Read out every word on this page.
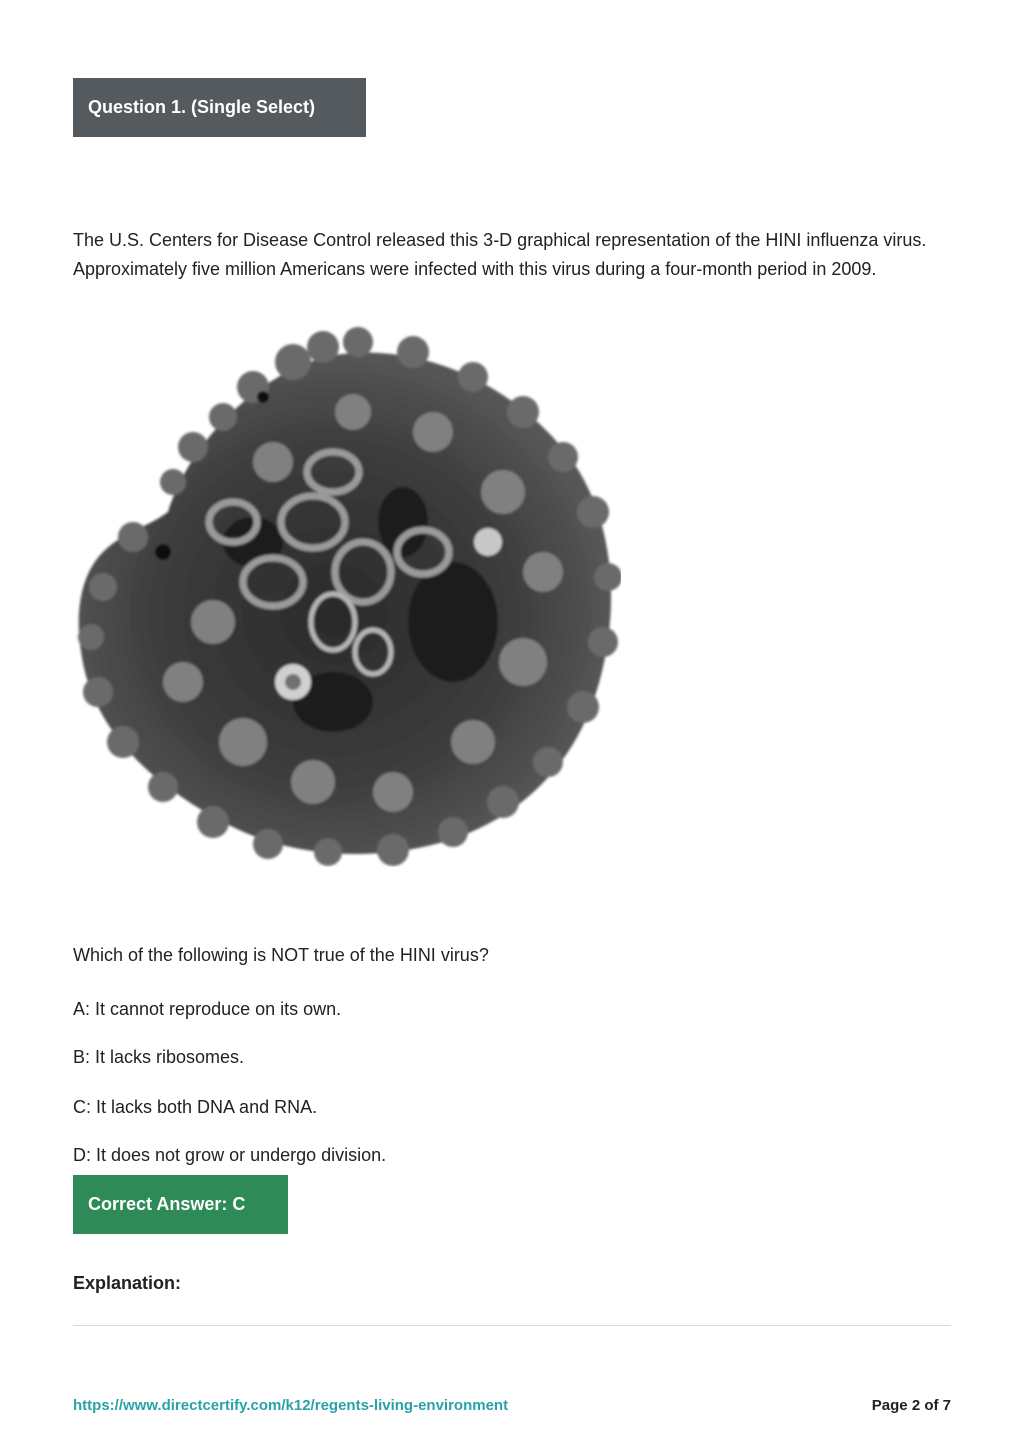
Question 1. (Single Select)

The U.S. Centers for Disease Control released this 3-D graphical representation of the HINI influenza virus. Approximately five million Americans were infected with this virus during a four-month period in 2009.

Which of the following is NOT true of the HINI virus?

A: It cannot reproduce on its own.

B: It lacks ribosomes.

C: It lacks both DNA and RNA.

D: It does not grow or undergo division.

Correct Answer: C

Explanation:

https://www.directcertify.com/k12/regents-living-environment	Page 2 of 7
